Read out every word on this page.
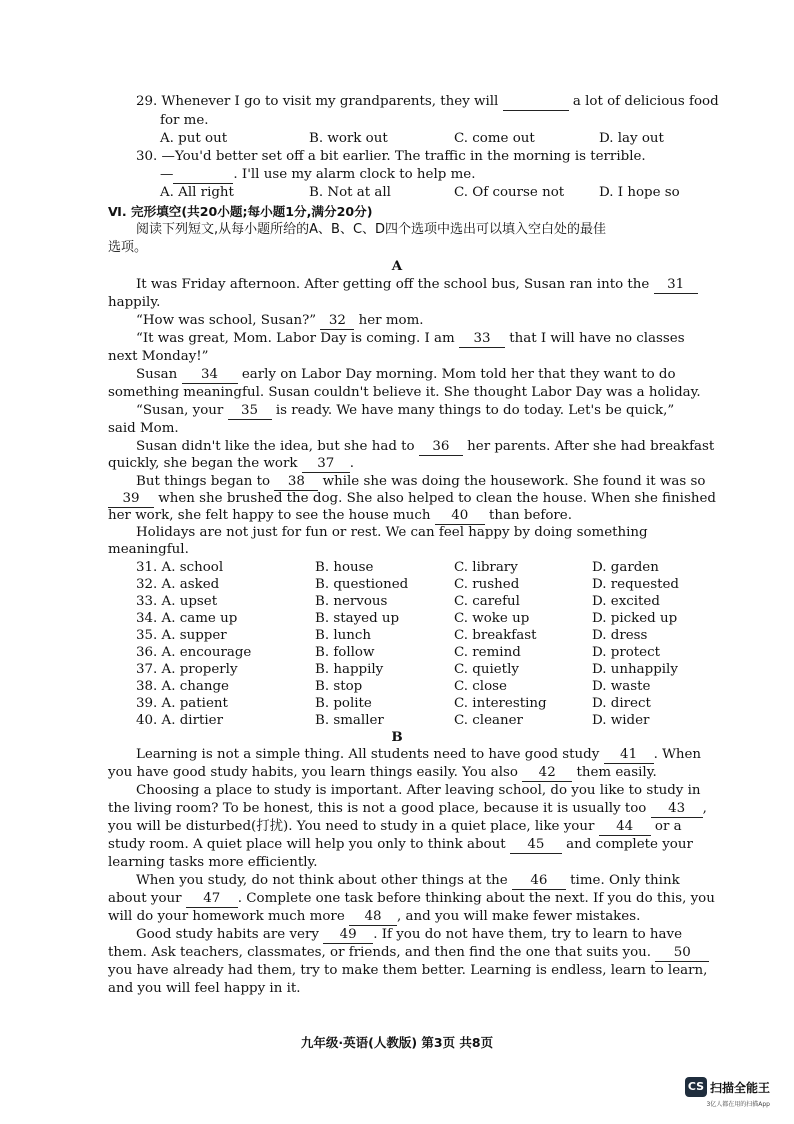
29. Whenever I go to visit my grandparents, they will	a lot of delicious food
for me.
A. put out	B. work out	C. come out	D. lay out
30. —You'd better set off a bit earlier. The traffic in the morning is terrible.
—	. I'll use my alarm clock to help me.
A. All right	B. Not at all	C. Of course not	D. I hope so
Ⅵ. 完形填空(共20小题;每小题1分,满分20分)
阅读下列短文,从每小题所给的A、B、C、D四个选项中选出可以填入空白处的最佳
选项。
A
It was Friday afternoon. After getting off the school bus, Susan ran into the 31
happily.
“How was school, Susan?” 32 her mom.
“It was great, Mom. Labor Day is coming. I am 33 that I will have no classes
next Monday!”
Susan 34 early on Labor Day morning. Mom told her that they want to do
something meaningful. Susan couldn't believe it. She thought Labor Day was a holiday.
“Susan, your 35 is ready. We have many things to do today. Let's be quick,”
said Mom.
Susan didn't like the idea, but she had to 36 her parents. After she had breakfast
quickly, she began the work 37 .
But things began to 38 while she was doing the housework. She found it was so
39 when she brushed the dog. She also helped to clean the house. When she finished
her work, she felt happy to see the house much 40 than before.
Holidays are not just for fun or rest. We can feel happy by doing something
meaningful.
31. A. school	B. house	C. library	D. garden
32. A. asked	B. questioned	C. rushed	D. requested
33. A. upset	B. nervous	C. careful	D. excited
34. A. came up	B. stayed up	C. woke up	D. picked up
35. A. supper	B. lunch	C. breakfast	D. dress
36. A. encourage	B. follow	C. remind	D. protect
37. A. properly	B. happily	C. quietly	D. unhappily
38. A. change	B. stop	C. close	D. waste
39. A. patient	B. polite	C. interesting	D. direct
40. A. dirtier	B. smaller	C. cleaner	D. wider
B
Learning is not a simple thing. All students need to have good study 41 . When
you have good study habits, you learn things easily. You also 42 them easily.
Choosing a place to study is important. After leaving school, do you like to study in
the living room? To be honest, this is not a good place, because it is usually too 43 ,
you will be disturbed(打扰). You need to study in a quiet place, like your 44 or a
study room. A quiet place will help you only to think about 45 and complete your
learning tasks more efficiently.
When you study, do not think about other things at the 46 time. Only think
about your 47 . Complete one task before thinking about the next. If you do this, you
will do your homework much more 48 , and you will make fewer mistakes.
Good study habits are very 49 . If you do not have them, try to learn to have
them. Ask teachers, classmates, or friends, and then find the one that suits you. 50
you have already had them, try to make them better. Learning is endless, learn to learn,
and you will feel happy in it.
九年级·英语(人教版) 第3页 共8页
CS 扫描全能王
3亿人都在用的扫描App
